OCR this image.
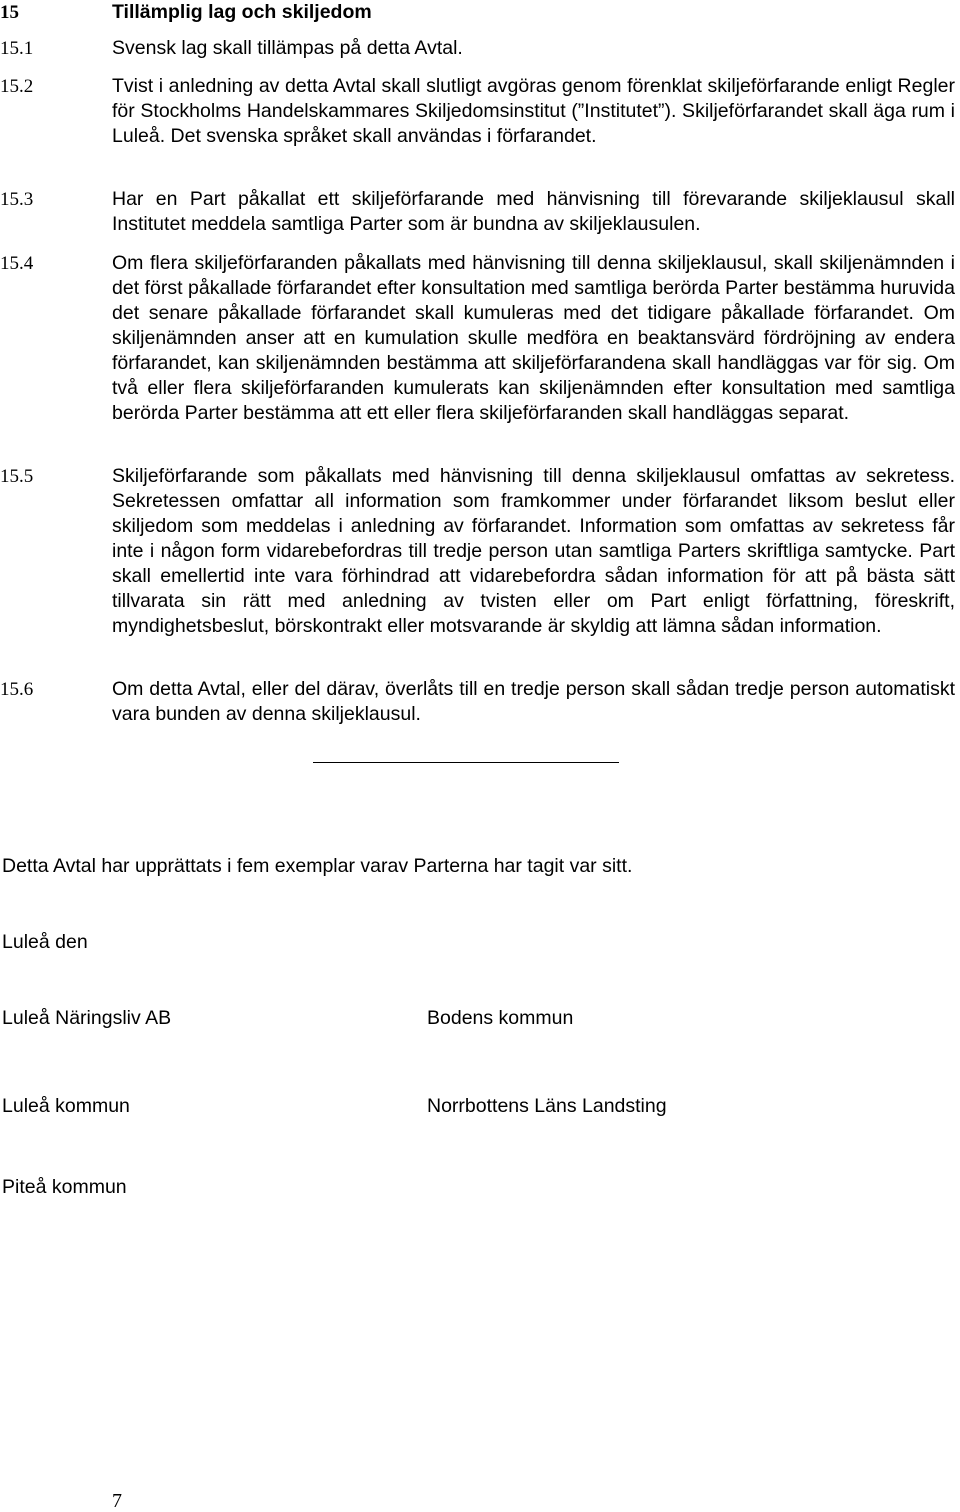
15	Tillämplig lag och skiljedom
15.1	Svensk lag skall tillämpas på detta Avtal.

15.2	Tvist i anledning av detta Avtal skall slutligt avgöras genom förenklat skiljeförfarande enligt Regler för Stockholms Handelskammares Skiljedomsinstitut (”Institutet”). Skiljeförfarandet skall äga rum i Luleå. Det svenska språket skall användas i förfarandet.

15.3	Har en Part påkallat ett skiljeförfarande med hänvisning till förevarande skiljeklausul skall Institutet meddela samtliga Parter som är bundna av skiljeklausulen.

15.4	Om flera skiljeförfaranden påkallats med hänvisning till denna skiljeklausul, skall skiljenämnden i det först påkallade förfarandet efter konsultation med samtliga berörda Parter bestämma huruvida det senare påkallade förfarandet skall kumuleras med det tidigare påkallade förfarandet. Om skiljenämnden anser att en kumulation skulle medföra en beaktansvärd fördröjning av endera förfarandet, kan skiljenämnden bestämma att skiljeförfarandena skall handläggas var för sig. Om två eller flera skiljeförfaranden kumulerats kan skiljenämnden efter konsultation med samtliga berörda Parter bestämma att ett eller flera skiljeförfaranden skall handläggas separat.

15.5	Skiljeförfarande som påkallats med hänvisning till denna skiljeklausul omfattas av sekretess. Sekretessen omfattar all information som framkommer under förfarandet liksom beslut eller skiljedom som meddelas i anledning av förfarandet. Information som omfattas av sekretess får inte i någon form vidarebefordras till tredje person utan samtliga Parters skriftliga samtycke. Part skall emellertid inte vara förhindrad att vidarebefordra sådan information för att på bästa sätt tillvarata sin rätt med anledning av tvisten eller om Part enligt författning, föreskrift, myndighetsbeslut, börskontrakt eller motsvarande är skyldig att lämna sådan information.

15.6	Om detta Avtal, eller del därav, överlåts till en tredje person skall sådan tredje person automatiskt vara bunden av denna skiljeklausul.

Detta Avtal har upprättats i fem exemplar varav Parterna har tagit var sitt.

Luleå den

Luleå Näringsliv AB	Bodens kommun

Luleå kommun	Norrbottens Läns Landsting

Piteå kommun

7
